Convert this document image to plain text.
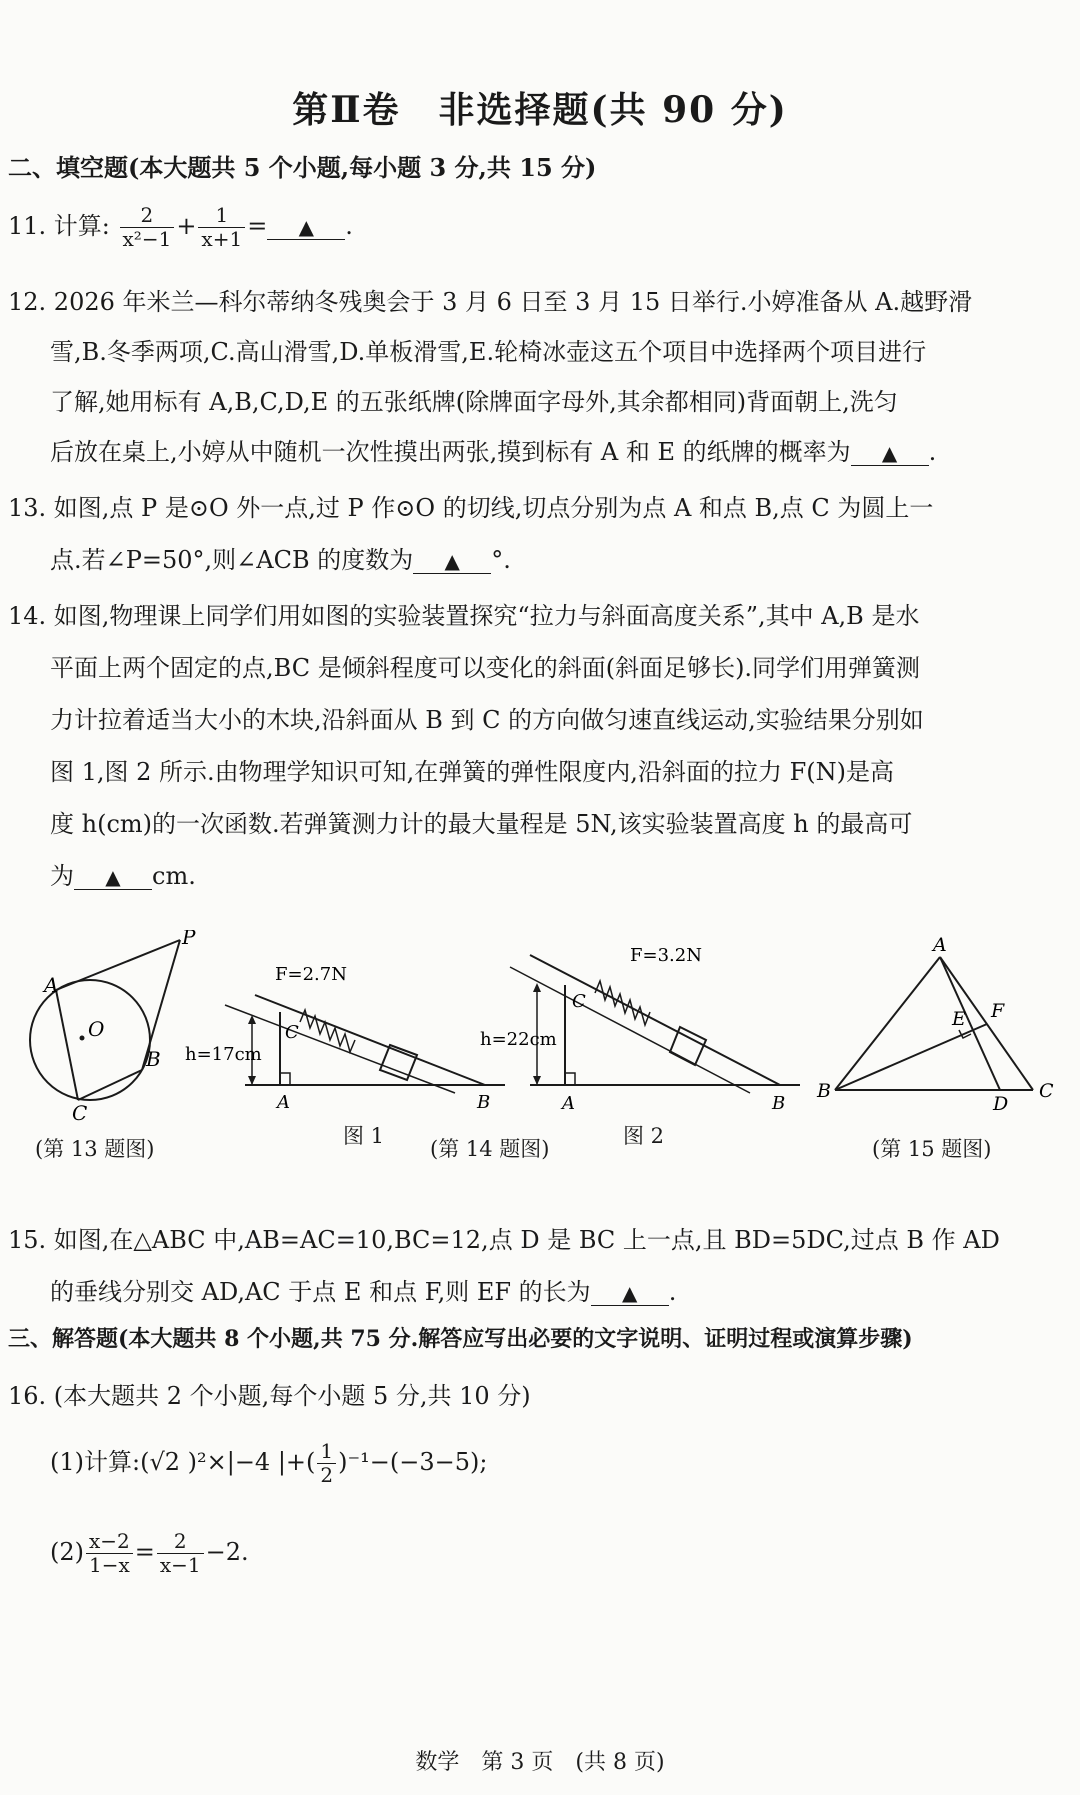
第Ⅱ卷　非选择题(共 90 分)
二、填空题(本大题共 5 个小题,每小题 3 分,共 15 分)
11. 计算: $\frac{2}{\text{x²−1}} + \frac{1}{x+1}$ = ▲ .
12. 2026 年米兰—科尔蒂纳冬残奥会于 3 月 6 日至 3 月 15 日举行.小婷准备从 A.越野滑
雪,B.冬季两项,C.高山滑雪,D.单板滑雪,E.轮椅冰壶这五个项目中选择两个项目进行
了解,她用标有 A,B,C,D,E 的五张纸牌(除牌面字母外,其余都相同)背面朝上,洗匀
后放在桌上,小婷从中随机一次性摸出两张,摸到标有 A 和 E 的纸牌的概率为 ▲ .
13. 如图,点 P 是⊙O 外一点,过 P 作⊙O 的切线,切点分别为点 A 和点 B,点 C 为圆上一
点.若∠P=50°,则∠ACB 的度数为 ▲ °.
14. 如图,物理课上同学们用如图的实验装置探究“拉力与斜面高度关系”,其中 A,B 是水
平面上两个固定的点,BC 是倾斜程度可以变化的斜面(斜面足够长).同学们用弹簧测
力计拉着适当大小的木块,沿斜面从 B 到 C 的方向做匀速直线运动,实验结果分别如
图 1,图 2 所示.由物理学知识可知,在弹簧的弹性限度内,沿斜面的拉力 F(N)是高
度 h(cm)的一次函数.若弹簧测力计的最大量程是 5N,该实验装置高度 h 的最高可
为 ▲ cm.
A
P
O
B
C
(第 13 题图)
F=2.7N
h=17cm
C
A	B
图 1
F=3.2N
h=22cm
C
A	B
图 2
(第 14 题图)
A
B	C
D
E F
(第 15 题图)
15. 如图,在△ABC 中,AB=AC=10,BC=12,点 D 是 BC 上一点,且 BD=5DC,过点 B 作 AD
的垂线分别交 AD,AC 于点 E 和点 F,则 EF 的长为 ▲ .
三、解答题(本大题共 8 个小题,共 75 分.解答应写出必要的文字说明、证明过程或演算步骤)
16. (本大题共 2 个小题,每个小题 5 分,共 10 分)
(1)计算:(√2 )²×|−4 |+( $\frac{1}{2} )^{-1}-(-3-5)$;
$(2) \frac{x-2}{1-x} = \frac{2}{x-1} -2$.
数学　第 3 页　(共 8 页)
